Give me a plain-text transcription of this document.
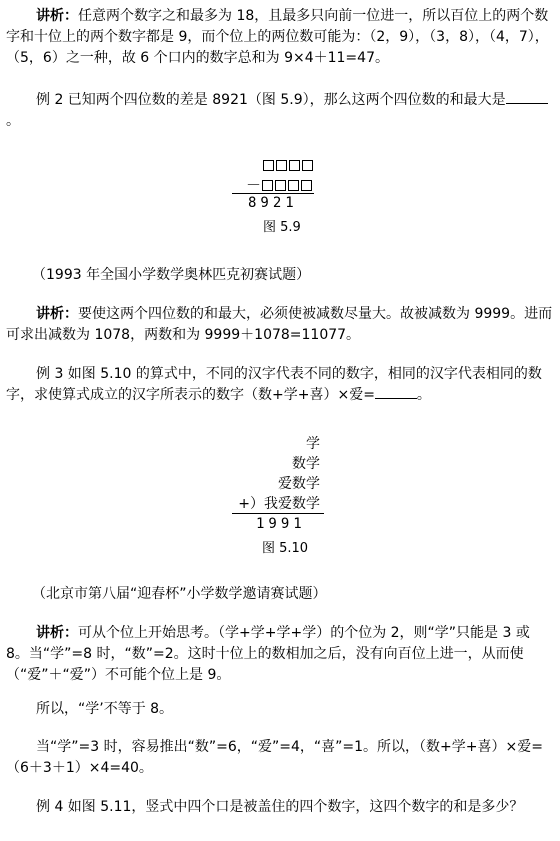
讲析：任意两个数字之和最多为 18，且最多只向前一位进一，所以百位上的两个数字和十位上的两个数字都是 9，而个位上的两位数可能为：（2，9），（3，8），（4，7），（5，6）之一种，故 6 个口内的数字总和为 9×4＋11=47。

例 2 已知两个四位数的差是 8921（图 5.9），那么这两个四位数的和最大是。

－
8921
图 5.9

（1993 年全国小学数学奥林匹克初赛试题）

讲析：要使这两个四位数的和最大，必须使被减数尽量大。故被减数为 9999。进而可求出减数为 1078，两数和为 9999＋1078=11077。

例 3 如图 5.10 的算式中，不同的汉字代表不同的数字，相同的汉字代表相同的数字，求使算式成立的汉字所表示的数字（数+学+喜）×爱=	。

学
数学
爱数学
+）我爱数学
1991
图 5.10

（北京市第八届“迎春杯”小学数学邀请赛试题）

讲析：可从个位上开始思考。（学+学+学+学）的个位为 2，则“学”只能是 3 或 8。当“学”=8 时，“数”=2。这时十位上的数相加之后，没有向百位上进一，从而使（“爱”＋“爱”）不可能个位上是 9。

所以，“学’不等于 8。

当“学”=3 时，容易推出“数”=6，“爱”=4，“喜”=1。所以，（数+学+喜）×爱=（6＋3＋1）×4=40。

例 4 如图 5.11，竖式中四个口是被盖住的四个数字，这四个数字的和是多少？
